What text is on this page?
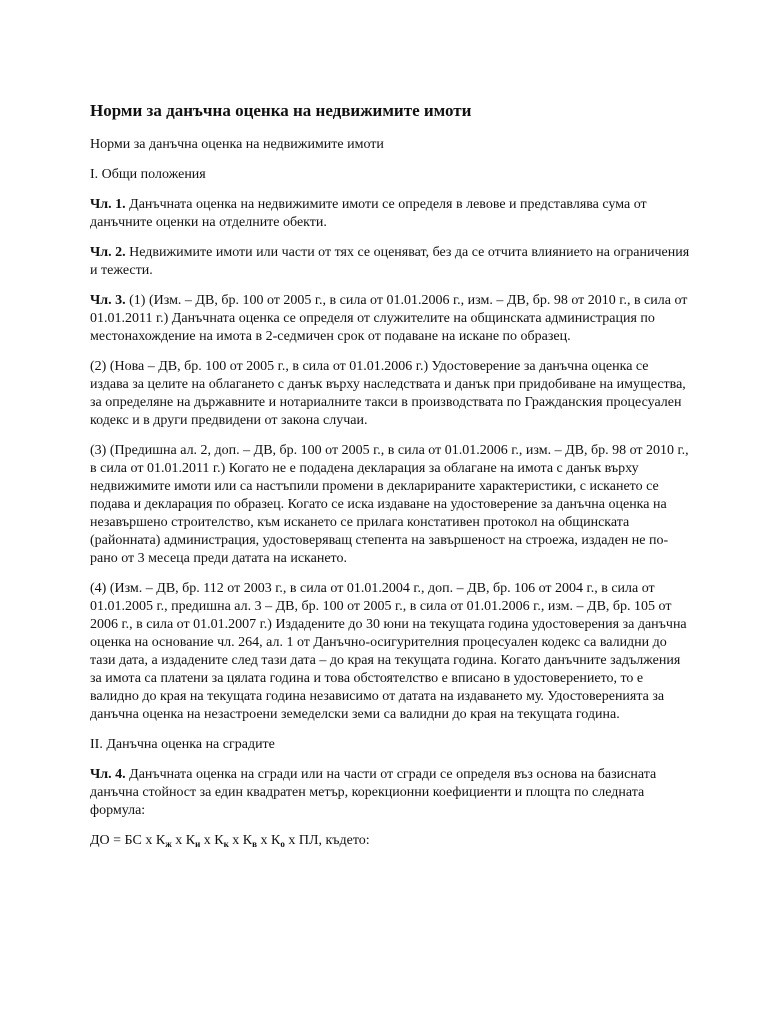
Норми за данъчна оценка на недвижимите имоти

Норми за данъчна оценка на недвижимите имоти

I. Общи положения

Чл. 1. Данъчната оценка на недвижимите имоти се определя в левове и представлява сума от данъчните оценки на отделните обекти.

Чл. 2. Недвижимите имоти или части от тях се оценяват, без да се отчита влиянието на ограничения и тежести.

Чл. 3. (1) (Изм. – ДВ, бр. 100 от 2005 г., в сила от 01.01.2006 г., изм. – ДВ, бр. 98 от 2010 г., в сила от 01.01.2011 г.) Данъчната оценка се определя от служителите на общинската администрация по местонахождение на имота в 2-седмичен срок от подаване на искане по образец.

(2) (Нова – ДВ, бр. 100 от 2005 г., в сила от 01.01.2006 г.) Удостоверение за данъчна оценка се издава за целите на облагането с данък върху наследствата и данък при придобиване на имущества, за определяне на държавните и нотариалните такси в производствата по Гражданския процесуален кодекс и в други предвидени от закона случаи.

(3) (Предишна ал. 2, доп. – ДВ, бр. 100 от 2005 г., в сила от 01.01.2006 г., изм. – ДВ, бр. 98 от 2010 г., в сила от 01.01.2011 г.) Когато не е подадена декларация за облагане на имота с данък върху недвижимите имоти или са настъпили промени в декларираните характеристики, с искането се подава и декларация по образец. Когато се иска издаване на удостоверение за данъчна оценка на незавършено строителство, към искането се прилага констативен протокол на общинската (районната) администрация, удостоверяващ степента на завършеност на строежа, издаден не по-рано от 3 месеца преди датата на искането.

(4) (Изм. – ДВ, бр. 112 от 2003 г., в сила от 01.01.2004 г., доп. – ДВ, бр. 106 от 2004 г., в сила от 01.01.2005 г., предишна ал. 3 – ДВ, бр. 100 от 2005 г., в сила от 01.01.2006 г., изм. – ДВ, бр. 105 от 2006 г., в сила от 01.01.2007 г.) Издадените до 30 юни на текущата година удостоверения за данъчна оценка на основание чл. 264, ал. 1 от Данъчно-осигурителния процесуален кодекс са валидни до тази дата, а издадените след тази дата – до края на текущата година. Когато данъчните задължения за имота са платени за цялата година и това обстоятелство е вписано в удостоверението, то е валидно до края на текущата година независимо от датата на издаването му. Удостоверенията за данъчна оценка на незастроени земеделски земи са валидни до края на текущата година.

II. Данъчна оценка на сградите

Чл. 4. Данъчната оценка на сгради или на части от сгради се определя въз основа на базисната данъчна стойност за един квадратен метър, корекционни коефициенти и площта по следната формула:

ДО = БС х $К_ж$ х $К_и$ х $К_к$ х $К_в$ х $К_о$ х ПЛ, където:
